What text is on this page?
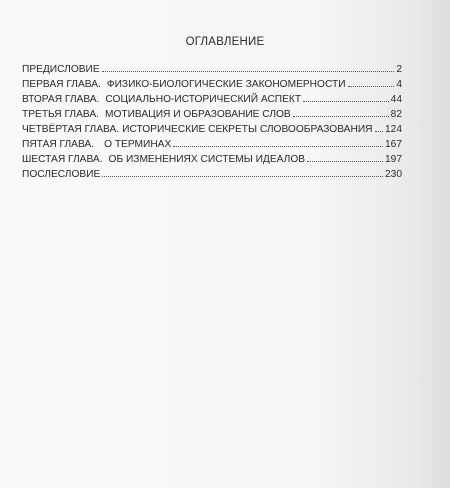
ОГЛАВЛЕНИЕ
ПРЕДИСЛОВИЕ	2
ПЕРВАЯ ГЛАВА. ФИЗИКО-БИОЛОГИЧЕСКИЕ ЗАКОНОМЕРНОСТИ	4
ВТОРАЯ ГЛАВА. СОЦИАЛЬНО-ИСТОРИЧЕСКИЙ АСПЕКТ	44
ТРЕТЬЯ ГЛАВА. МОТИВАЦИЯ И ОБРАЗОВАНИЕ СЛОВ	82
ЧЕТВЁРТАЯ ГЛАВА. ИСТОРИЧЕСКИЕ СЕКРЕТЫ СЛОВООБРАЗОВАНИЯ 124
ПЯТАЯ ГЛАВА. О ТЕРМИНАХ	167
ШЕСТАЯ ГЛАВА. ОБ ИЗМЕНЕНИЯХ СИСТЕМЫ ИДЕАЛОВ	197
ПОСЛЕСЛОВИЕ	230
